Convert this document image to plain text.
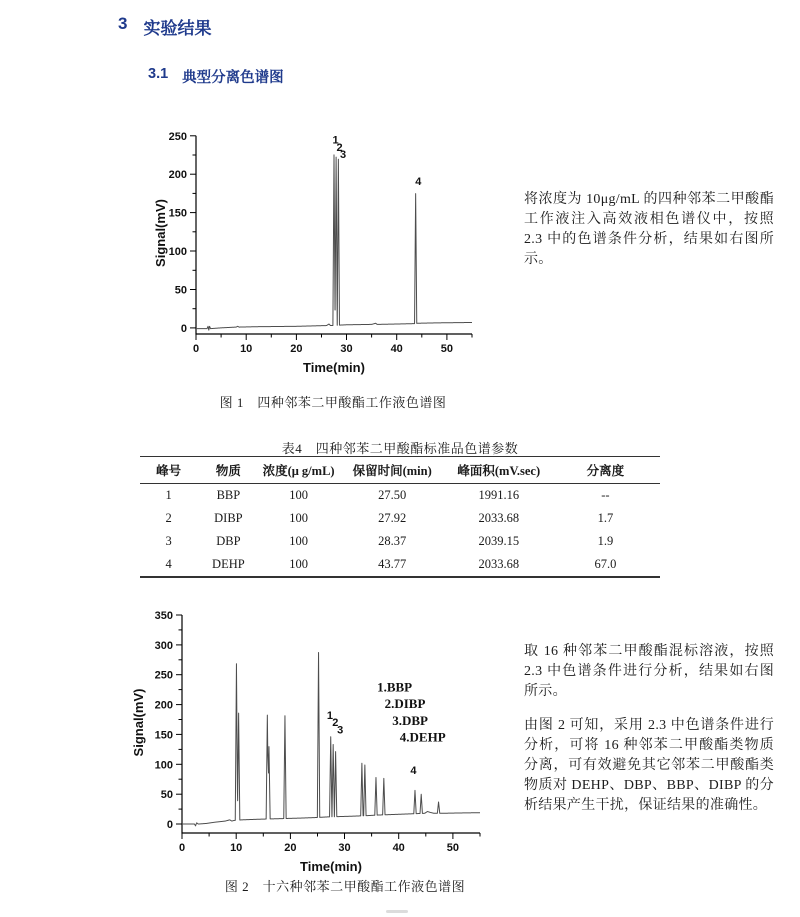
3 实验结果
3.1 典型分离色谱图
0	10	20	30	40	50
0
50
100
150
200
250	1
2
3
4
Time(min)
Signal(mV)	将浓度为 10μg/mL 的四种邻苯二甲酸酯工作液注入高效液相色谱仪中，按照 2.3 中的色谱条件分析，结果如右图所示。
图 1　四种邻苯二甲酸酯工作液色谱图
表4　四种邻苯二甲酸酯标准品色谱参数
峰号	物质	浓度(μ g/mL)	保留时间(min)	峰面积(mV.sec)	分离度
1	BBP	100	27.50	1991.16	--
2	DIBP	100	27.92	2033.68	1.7
3	DBP	100	28.37	2039.15	1.9
4	DEHP	100	43.77	2033.68	67.0
0	10	20	30	40	50
0
50
100
150
200
250
300
350
1
2
3
4
1.BBP
2.DIBP
3.DBP
4.DEHP
Time(min)
Signal(mV)
取 16 种邻苯二甲酸酯混标溶液，按照 2.3 中色谱条件进行分析，结果如右图所示。
由图 2 可知，采用 2.3 中色谱条件进行分析，可将 16 种邻苯二甲酸酯类物质分离，可有效避免其它邻苯二甲酸酯类物质对 DEHP、DBP、BBP、DIBP 的分析结果产生干扰，保证结果的准确性。
图 2　十六种邻苯二甲酸酯工作液色谱图
